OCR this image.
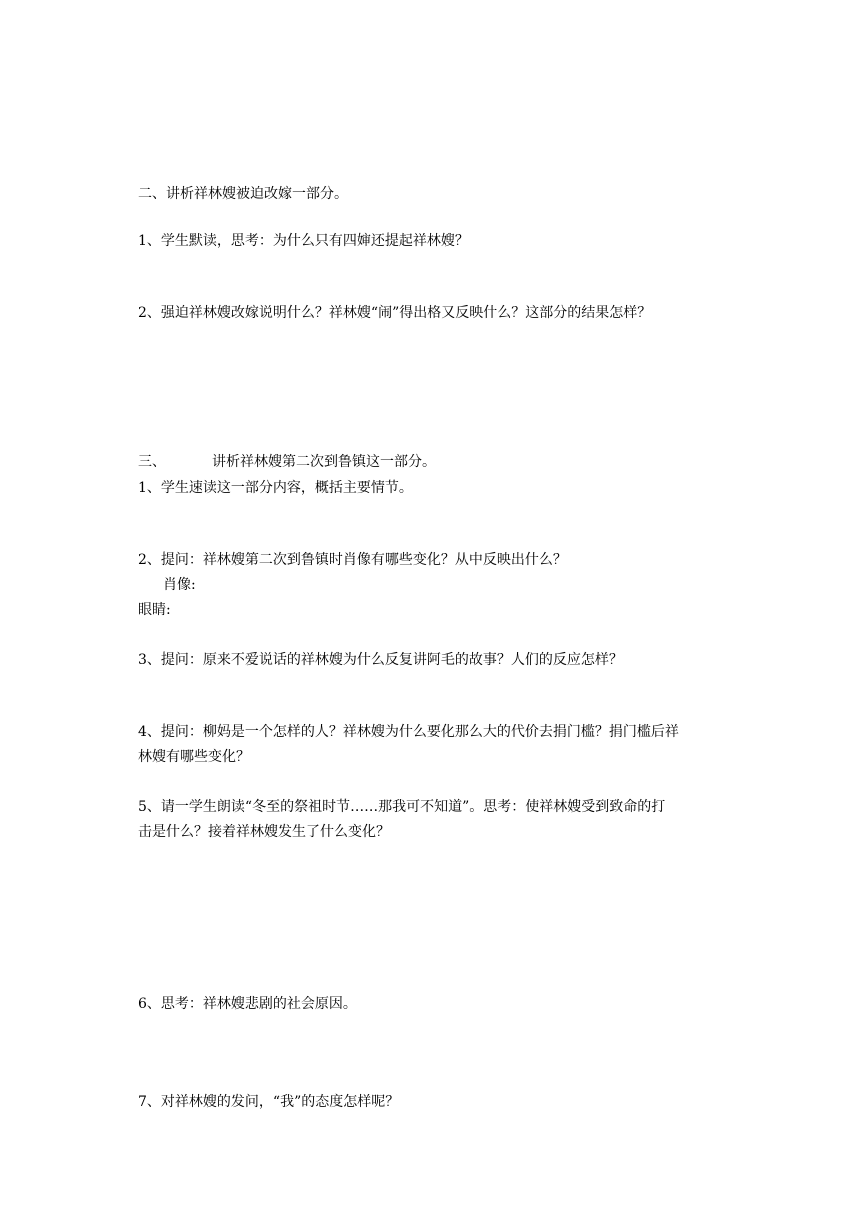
二、讲析祥林嫂被迫改嫁一部分。
1、学生默读，思考：为什么只有四婶还提起祥林嫂？
2、强迫祥林嫂改嫁说明什么？祥林嫂“闹”得出格又反映什么？这部分的结果怎样？
三、	讲析祥林嫂第二次到鲁镇这一部分。
1、学生速读这一部分内容，概括主要情节。
2、提问：祥林嫂第二次到鲁镇时肖像有哪些变化？从中反映出什么？
肖像:
眼睛:
3、提问：原来不爱说话的祥林嫂为什么反复讲阿毛的故事？人们的反应怎样？
4、提问：柳妈是一个怎样的人？祥林嫂为什么要化那么大的代价去捐门槛？捐门槛后祥
林嫂有哪些变化？
5、请一学生朗读“冬至的祭祖时节……那我可不知道”。思考：使祥林嫂受到致命的打
击是什么？接着祥林嫂发生了什么变化？
6、思考：祥林嫂悲剧的社会原因。
7、对祥林嫂的发问，“我”的态度怎样呢？
